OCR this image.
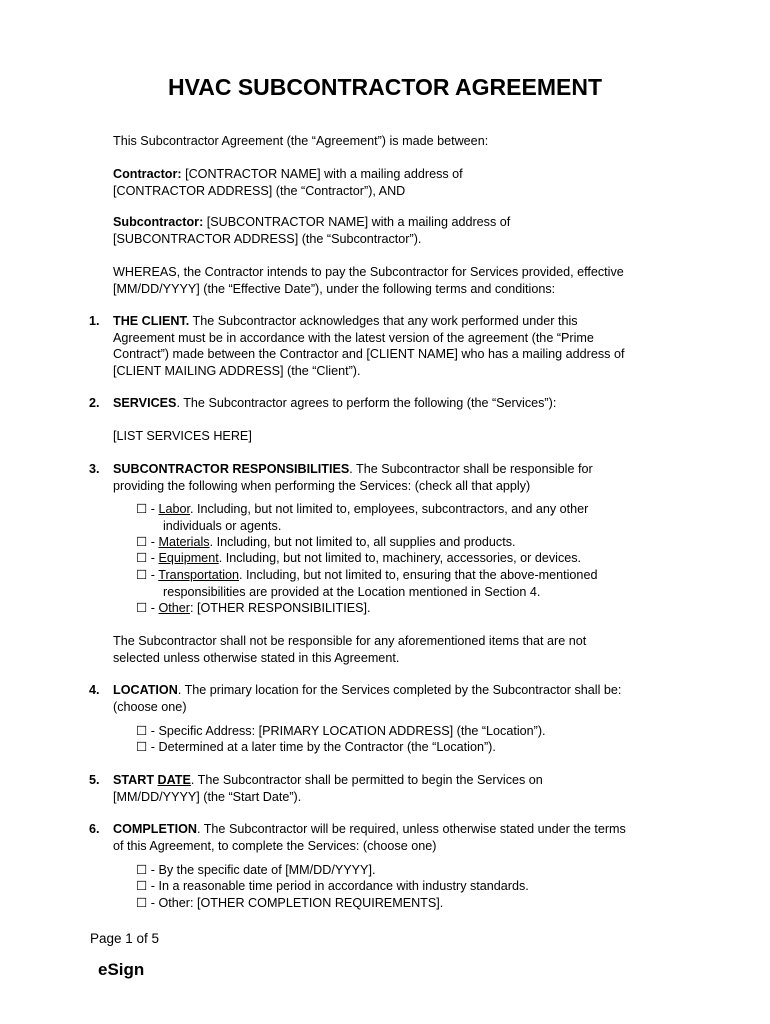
HVAC SUBCONTRACTOR AGREEMENT
This Subcontractor Agreement (the “Agreement”) is made between:
Contractor: [CONTRACTOR NAME] with a mailing address of
[CONTRACTOR ADDRESS] (the “Contractor”), AND
Subcontractor: [SUBCONTRACTOR NAME] with a mailing address of
[SUBCONTRACTOR ADDRESS] (the “Subcontractor”).
WHEREAS, the Contractor intends to pay the Subcontractor for Services provided, effective
[MM/DD/YYYY] (the “Effective Date”), under the following terms and conditions:
1. THE CLIENT. The Subcontractor acknowledges that any work performed under this
Agreement must be in accordance with the latest version of the agreement (the “Prime
Contract”) made between the Contractor and [CLIENT NAME] who has a mailing address of
[CLIENT MAILING ADDRESS] (the “Client”).
2. SERVICES. The Subcontractor agrees to perform the following (the “Services”):
[LIST SERVICES HERE]
3. SUBCONTRACTOR RESPONSIBILITIES. The Subcontractor shall be responsible for
providing the following when performing the Services: (check all that apply)
☐ - Labor. Including, but not limited to, employees, subcontractors, and any other
individuals or agents.
☐ - Materials. Including, but not limited to, all supplies and products.
☐ - Equipment. Including, but not limited to, machinery, accessories, or devices.
☐ - Transportation. Including, but not limited to, ensuring that the above-mentioned
responsibilities are provided at the Location mentioned in Section 4.
☐ - Other: [OTHER RESPONSIBILITIES].
The Subcontractor shall not be responsible for any aforementioned items that are not
selected unless otherwise stated in this Agreement.
4. LOCATION. The primary location for the Services completed by the Subcontractor shall be:
(choose one)
☐ - Specific Address: [PRIMARY LOCATION ADDRESS] (the “Location”).
☐ - Determined at a later time by the Contractor (the “Location”).
5. START DATE. The Subcontractor shall be permitted to begin the Services on
[MM/DD/YYYY] (the “Start Date”).
6. COMPLETION. The Subcontractor will be required, unless otherwise stated under the terms
of this Agreement, to complete the Services: (choose one)
☐ - By the specific date of [MM/DD/YYYY].
☐ - In a reasonable time period in accordance with industry standards.
☐ - Other: [OTHER COMPLETION REQUIREMENTS].
Page 1 of 5
eSign
